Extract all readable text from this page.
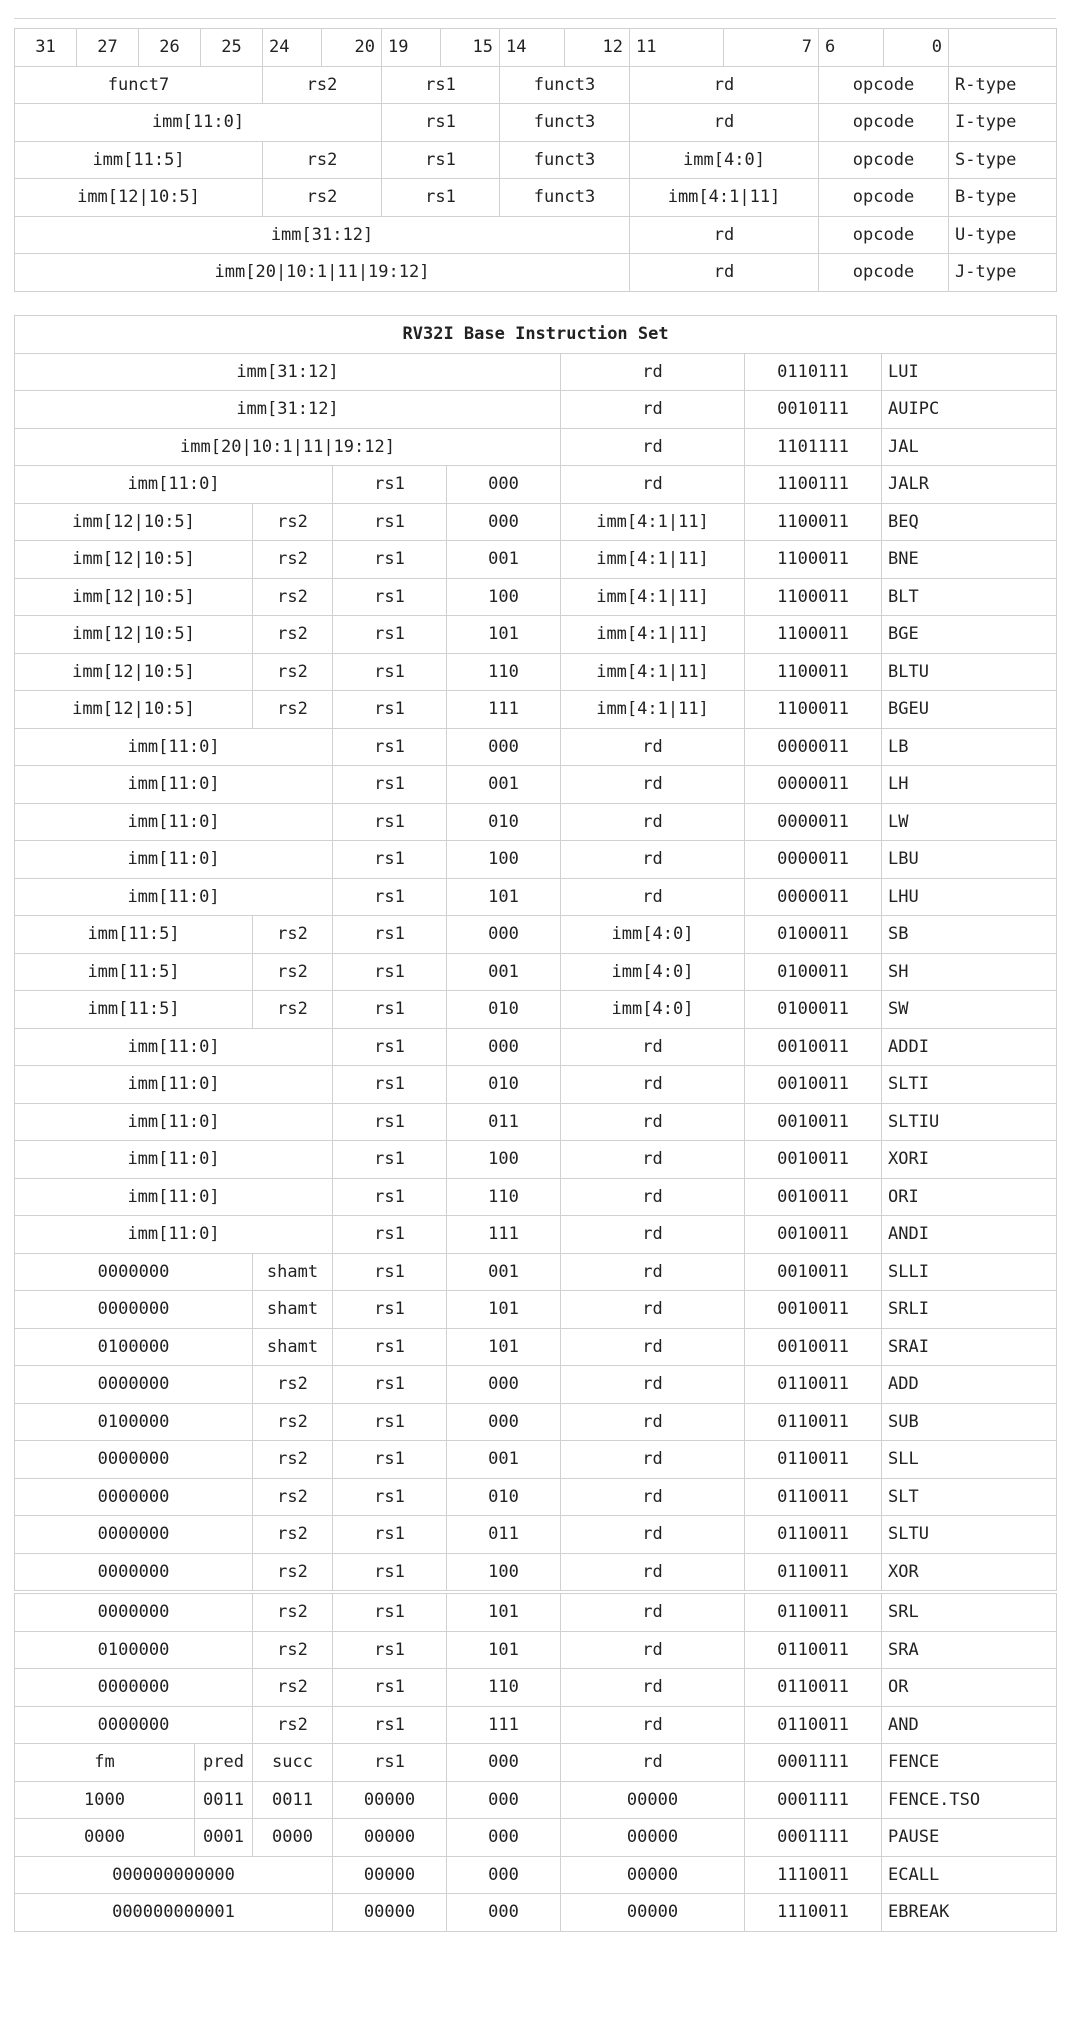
31	27	26	25	24	20	19	15	14	12	11	7	6	0	
funct7				rs2		rs1		funct3		rd		opcode		R-type
imm[11:0]						rs1		funct3		rd		opcode		I-type
imm[11:5]				rs2		rs1		funct3		imm[4:0]		opcode		S-type
imm[12|10:5]				rs2		rs1		funct3		imm[4:1|11]		opcode		B-type
imm[31:12]										rd		opcode		U-type
imm[20|10:1|11|19:12]										rd		opcode		J-type
RV32I Base Instruction Set							
imm[31:12]					rd	0110111	LUI
imm[31:12]					rd	0010111	AUIPC
imm[20|10:1|11|19:12]					rd	1101111	JAL
imm[11:0]			rs1	000	rd	1100111	JALR
imm[12|10:5]		rs2	rs1	000	imm[4:1|11]	1100011	BEQ
imm[12|10:5]		rs2	rs1	001	imm[4:1|11]	1100011	BNE
imm[12|10:5]		rs2	rs1	100	imm[4:1|11]	1100011	BLT
imm[12|10:5]		rs2	rs1	101	imm[4:1|11]	1100011	BGE
imm[12|10:5]		rs2	rs1	110	imm[4:1|11]	1100011	BLTU
imm[12|10:5]		rs2	rs1	111	imm[4:1|11]	1100011	BGEU
imm[11:0]			rs1	000	rd	0000011	LB
imm[11:0]			rs1	001	rd	0000011	LH
imm[11:0]			rs1	010	rd	0000011	LW
imm[11:0]			rs1	100	rd	0000011	LBU
imm[11:0]			rs1	101	rd	0000011	LHU
imm[11:5]		rs2	rs1	000	imm[4:0]	0100011	SB
imm[11:5]		rs2	rs1	001	imm[4:0]	0100011	SH
imm[11:5]		rs2	rs1	010	imm[4:0]	0100011	SW
imm[11:0]			rs1	000	rd	0010011	ADDI
imm[11:0]			rs1	010	rd	0010011	SLTI
imm[11:0]			rs1	011	rd	0010011	SLTIU
imm[11:0]			rs1	100	rd	0010011	XORI
imm[11:0]			rs1	110	rd	0010011	ORI
imm[11:0]			rs1	111	rd	0010011	ANDI
0000000		shamt	rs1	001	rd	0010011	SLLI
0000000		shamt	rs1	101	rd	0010011	SRLI
0100000		shamt	rs1	101	rd	0010011	SRAI
0000000		rs2	rs1	000	rd	0110011	ADD
0100000		rs2	rs1	000	rd	0110011	SUB
0000000		rs2	rs1	001	rd	0110011	SLL
0000000		rs2	rs1	010	rd	0110011	SLT
0000000		rs2	rs1	011	rd	0110011	SLTU
0000000		rs2	rs1	100	rd	0110011	XOR
0000000		rs2	rs1	101	rd	0110011	SRL
0100000		rs2	rs1	101	rd	0110011	SRA
0000000		rs2	rs1	110	rd	0110011	OR
0000000		rs2	rs1	111	rd	0110011	AND
fm	pred	succ	rs1	000	rd	0001111	FENCE
1000	0011	0011	00000	000	00000	0001111	FENCE.TSO
0000	0001	0000	00000	000	00000	0001111	PAUSE
000000000000			00000	000	00000	1110011	ECALL
000000000001			00000	000	00000	1110011	EBREAK
